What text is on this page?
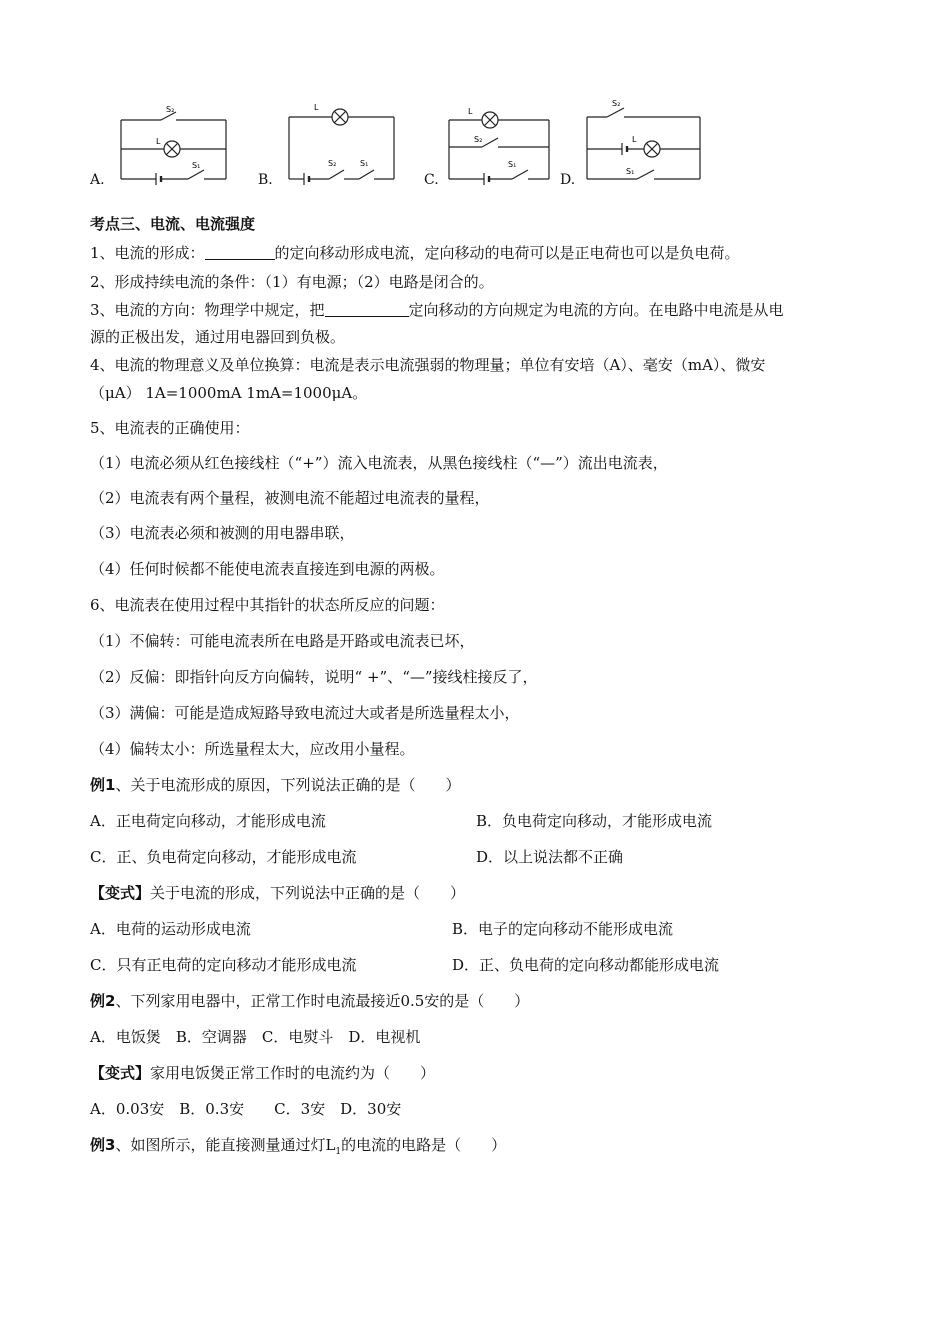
A.
S₂
L
S₁
B.
L
S₂	S₁
C.
L
S₂
S₁
D.
S₂
L
S₁
考点三、电流、电流强度
1、电流的形成：	的定向移动形成电流，定向移动的电荷可以是正电荷也可以是负电荷。
2、形成持续电流的条件：（1）有电源；（2）电路是闭合的。
3、电流的方向：物理学中规定，把	定向移动的方向规定为电流的方向。在电路中电流是从电
源的正极出发，通过用电器回到负极。
4、电流的物理意义及单位换算：电流是表示电流强弱的物理量；单位有安培（A）、毫安（mA）、微安
（μA） 1A=1000mA 1mA=1000μA。
5、电流表的正确使用：
（1）电流必须从红色接线柱（“+”）流入电流表，从黑色接线柱（“—”）流出电流表，
（2）电流表有两个量程，被测电流不能超过电流表的量程，
（3）电流表必须和被测的用电器串联，
（4）任何时候都不能使电流表直接连到电源的两极。
6、电流表在使用过程中其指针的状态所反应的问题：
（1）不偏转：可能电流表所在电路是开路或电流表已坏，
（2）反偏：即指针向反方向偏转，说明“ +”、“—”接线柱接反了，
（3）满偏：可能是造成短路导致电流过大或者是所选量程太小，
（4）偏转太小：所选量程太大，应改用小量程。
例1、关于电流形成的原因，下列说法正确的是（　　）
A．正电荷定向移动，才能形成电流	B．负电荷定向移动，才能形成电流
C．正、负电荷定向移动，才能形成电流	D．以上说法都不正确
【变式】关于电流的形成，下列说法中正确的是（　　）
A．电荷的运动形成电流	B．电子的定向移动不能形成电流
C．只有正电荷的定向移动才能形成电流	D．正、负电荷的定向移动都能形成电流
例2、下列家用电器中，正常工作时电流最接近0.5安的是（　　）
A．电饭煲　B．空调器　C．电熨斗　D．电视机
【变式】家用电饭煲正常工作时的电流约为（　　）
A．0.03安　B．0.3安　　C．3安　D．30安
例3、如图所示，能直接测量通过灯$L_1$的电流的电路是（　　）
